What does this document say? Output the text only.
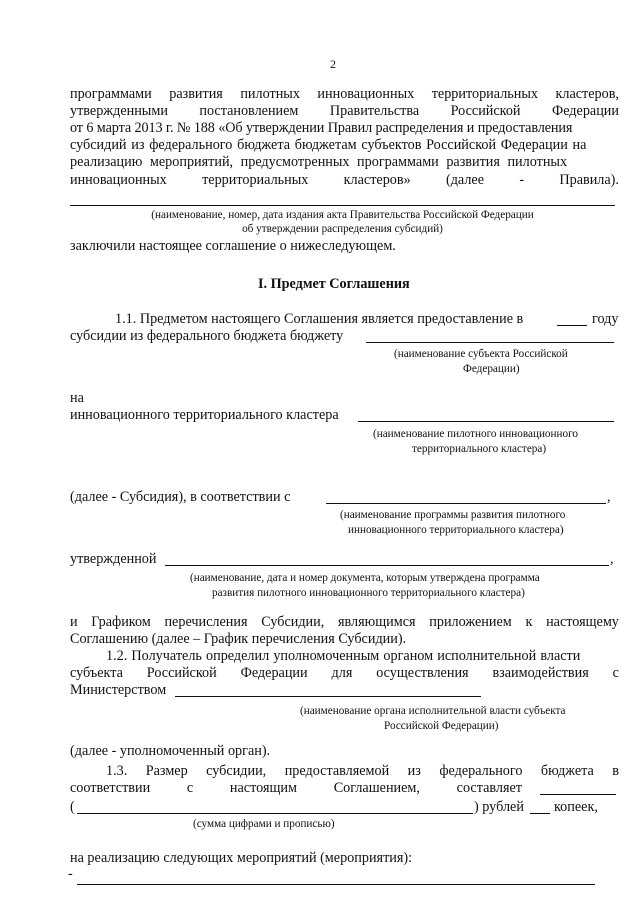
2
программами развития пилотных инновационных территориальных кластеров,
утвержденными постановлением Правительства Российской Федерации
от 6 марта 2013 г. № 188 «Об утверждении Правил распределения и предоставления
субсидий из федерального бюджета бюджетам субъектов Российской Федерации на
реализацию мероприятий, предусмотренных программами развития пилотных
инновационных территориальных кластеров» (далее - Правила).
(наименование, номер, дата издания акта Правительства Российской Федерации
об утверждении распределения субсидий)
заключили настоящее соглашение о нижеследующем.
I. Предмет Соглашения
1.1. Предметом настоящего Соглашения является предоставление в	году
субсидии из федерального бюджета бюджету
(наименование субъекта Российской
Федерации)
на
инновационного территориального кластера
(наименование пилотного инновационного
территориального кластера)
(далее - Субсидия), в соответствии с	,
(наименование программы развития пилотного
инновационного территориального кластера)
утвержденной	,
(наименование, дата и номер документа, которым утверждена программа
развития пилотного инновационного территориального кластера)
и Графиком перечисления Субсидии, являющимся приложением к настоящему
Соглашению (далее – График перечисления Субсидии).
1.2. Получатель определил уполномоченным органом исполнительной власти
субъекта Российской Федерации для осуществления взаимодействия с
Министерством
(наименование органа исполнительной власти субъекта
Российской Федерации)
(далее - уполномоченный орган).
1.3. Размер субсидии, предоставляемой из федерального бюджета в
соответствии	с	настоящим	Соглашением,	составляет
(	) рублей копеек,
(сумма цифрами и прописью)
на реализацию следующих мероприятий (мероприятия):
-
